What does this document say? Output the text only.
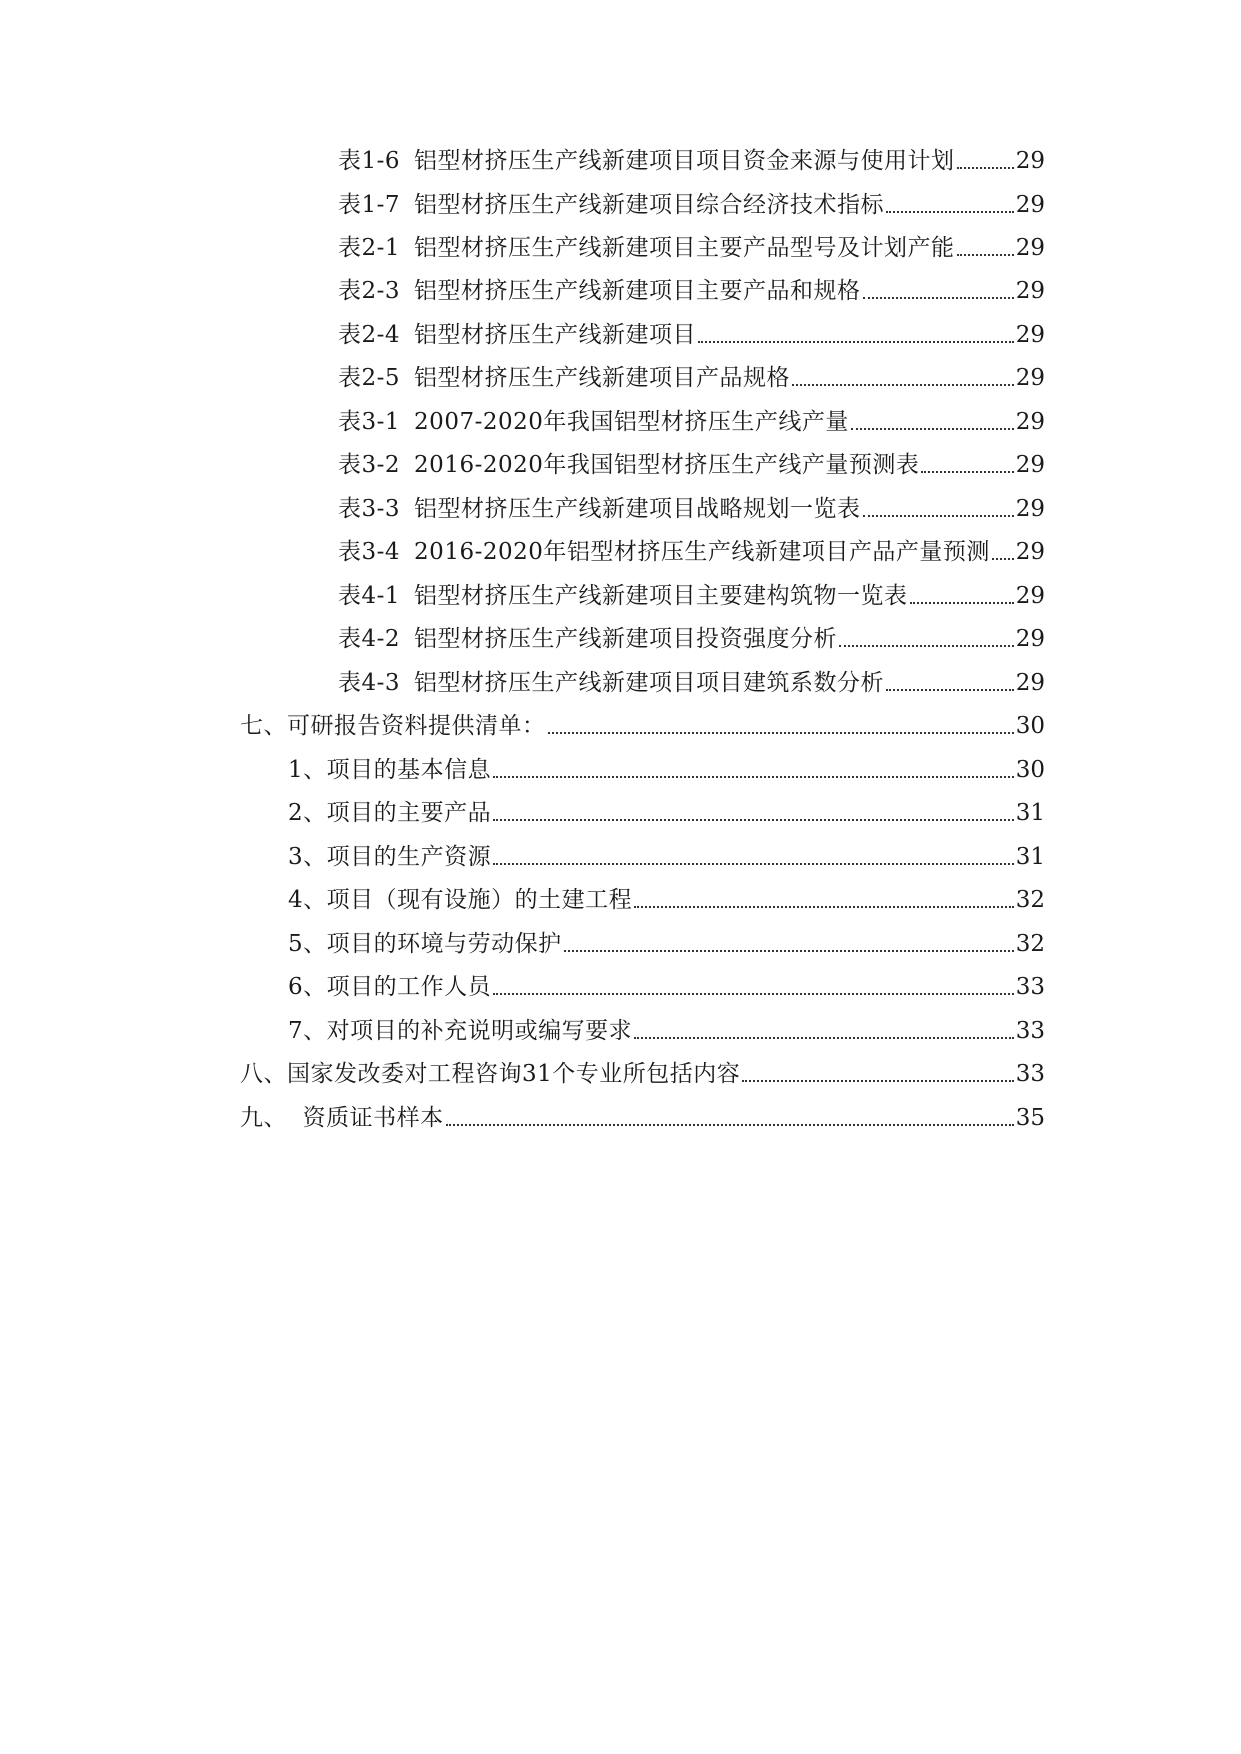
表1-6 铝型材挤压生产线新建项目项目资金来源与使用计划	29
表1-7 铝型材挤压生产线新建项目综合经济技术指标	29
表2-1 铝型材挤压生产线新建项目主要产品型号及计划产能	29
表2-3 铝型材挤压生产线新建项目主要产品和规格	29
表2-4 铝型材挤压生产线新建项目	29
表2-5 铝型材挤压生产线新建项目产品规格	29
表3-1 2007-2020年我国铝型材挤压生产线产量	29
表3-2 2016-2020年我国铝型材挤压生产线产量预测表	29
表3-3 铝型材挤压生产线新建项目战略规划一览表	29
表3-4 2016-2020年铝型材挤压生产线新建项目产品产量预测 29
表4-1 铝型材挤压生产线新建项目主要建构筑物一览表	29
表4-2 铝型材挤压生产线新建项目投资强度分析	29
表4-3 铝型材挤压生产线新建项目项目建筑系数分析	29
七、可研报告资料提供清单：	30
1、项目的基本信息	30
2、项目的主要产品	31
3、项目的生产资源	31
4、项目（现有设施）的土建工程	32
5、项目的环境与劳动保护	32
6、项目的工作人员	33
7、对项目的补充说明或编写要求	33
八、国家发改委对工程咨询31个专业所包括内容	33
九、  资质证书样本	35
